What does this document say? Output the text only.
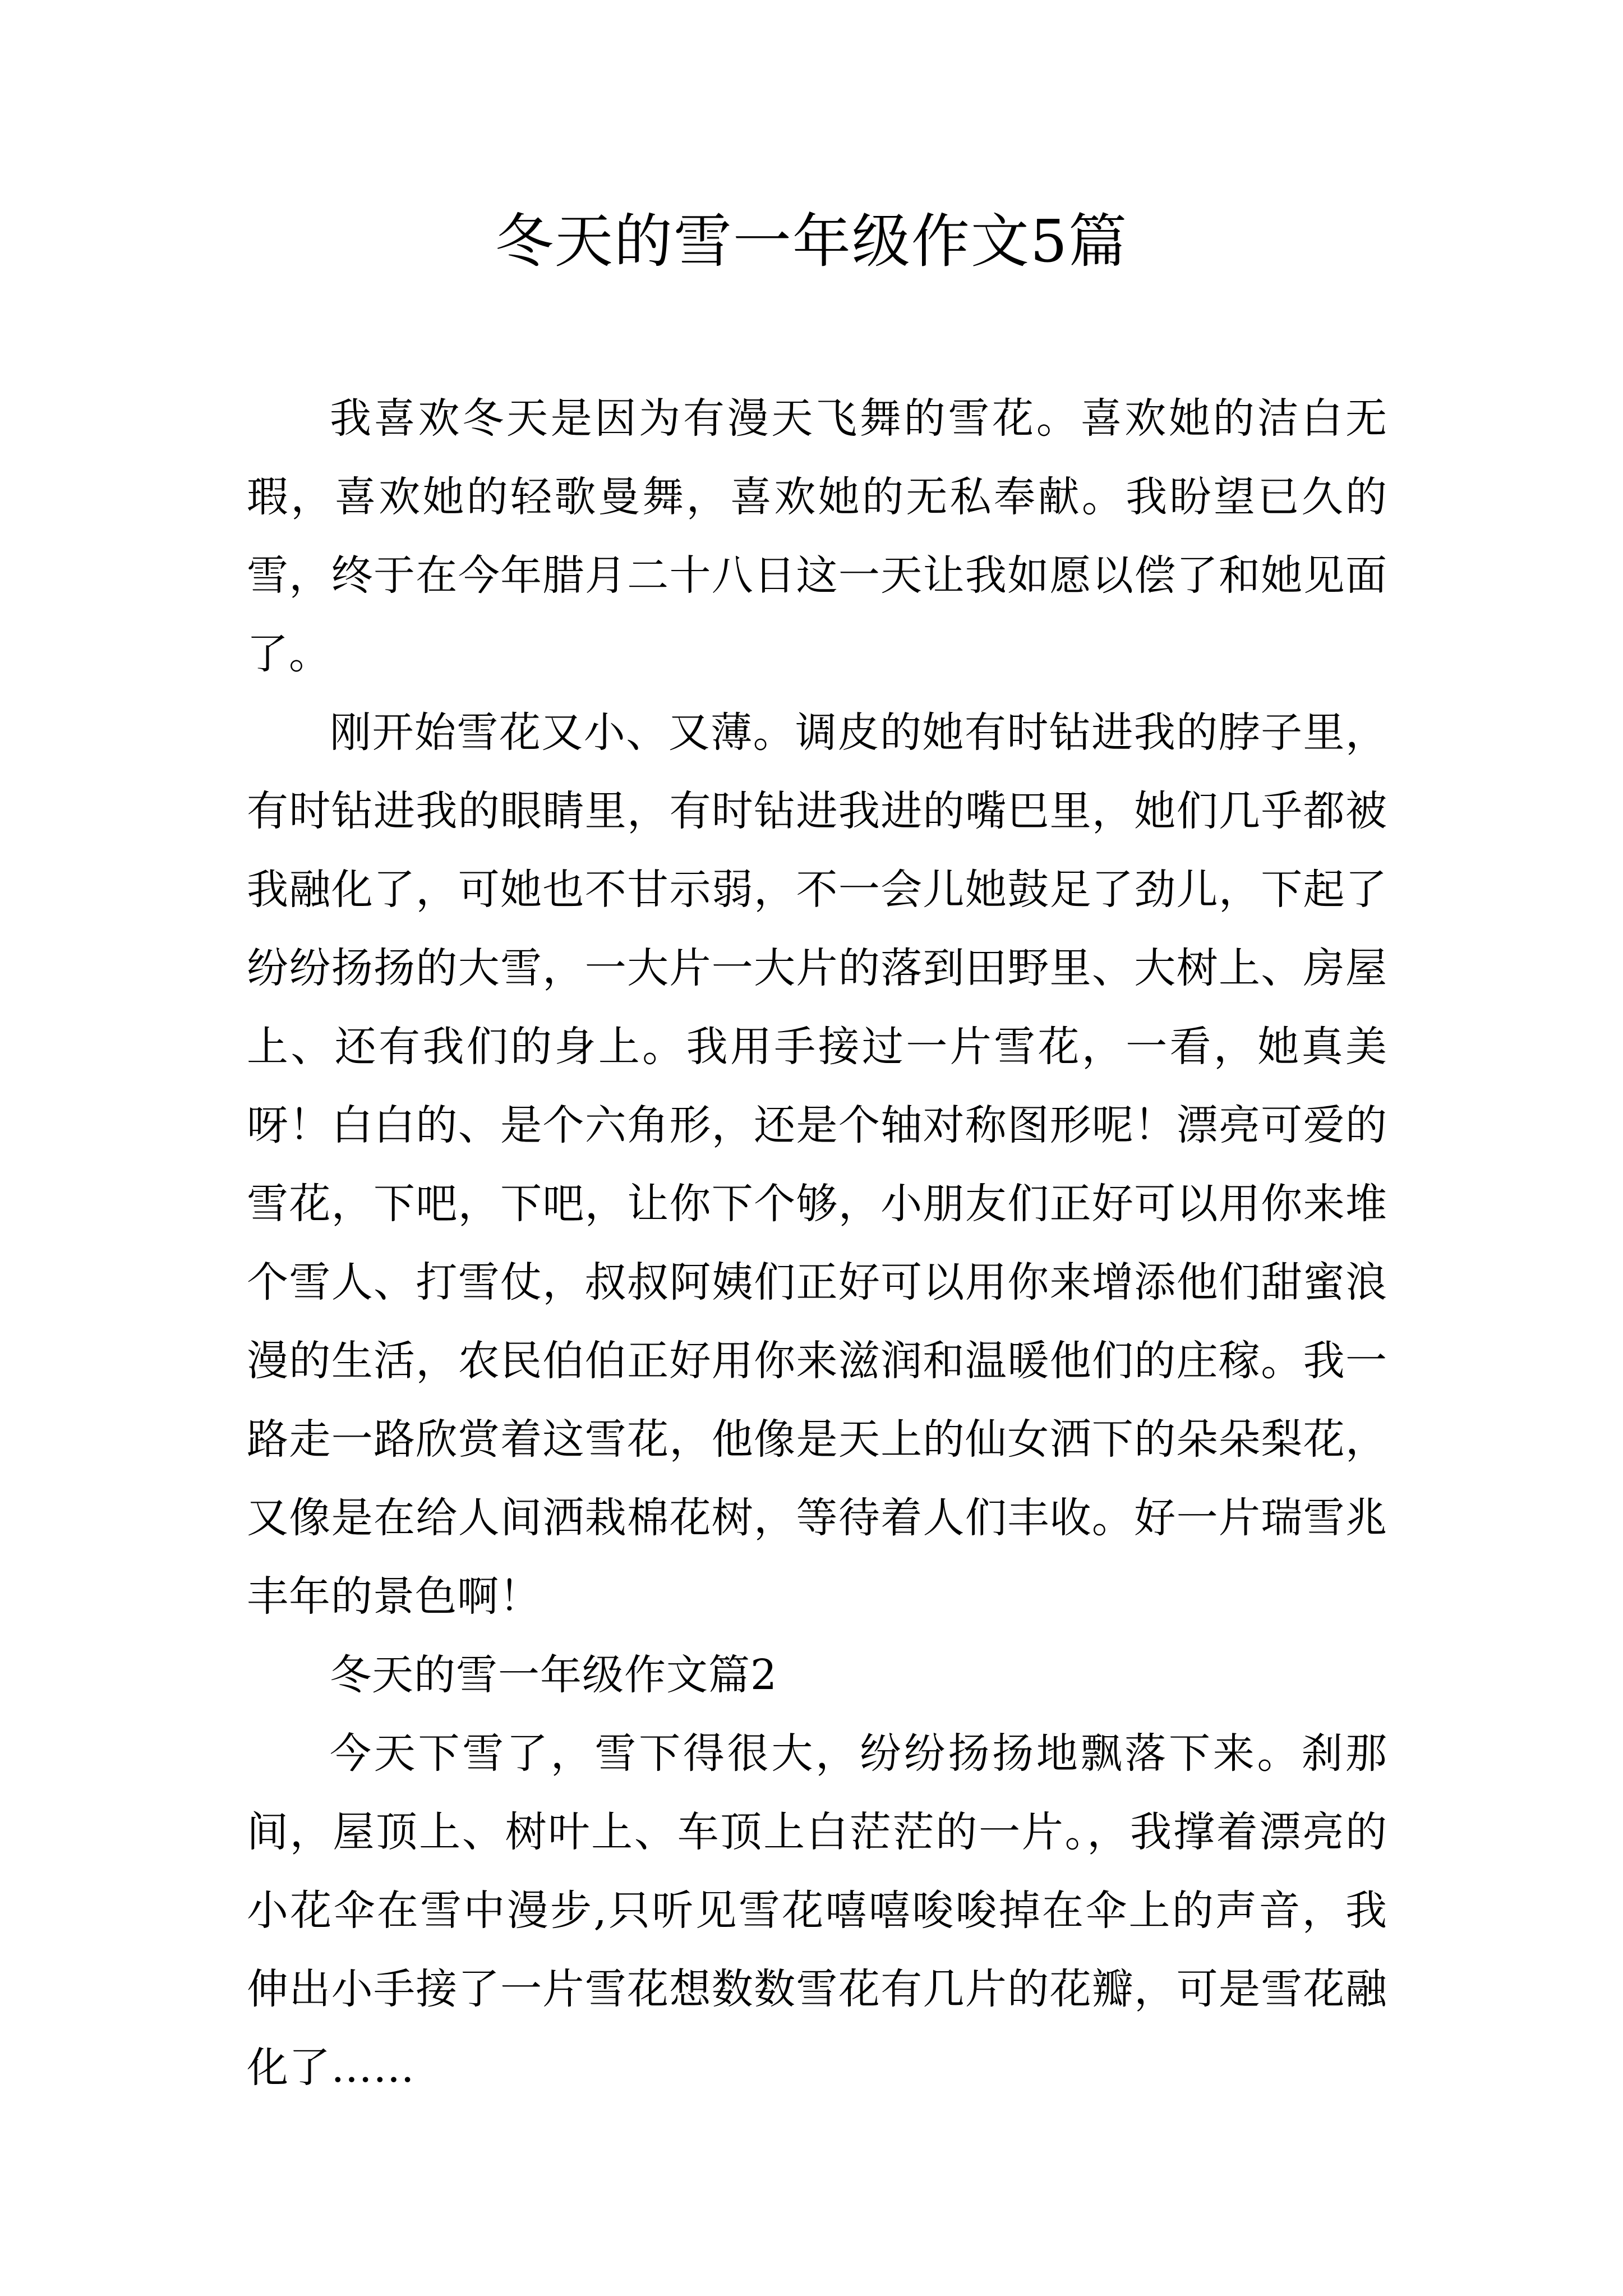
冬天的雪一年级作文5篇

我喜欢冬天是因为有漫天飞舞的雪花。喜欢她的洁白无瑕，喜欢她的轻歌曼舞，喜欢她的无私奉献。我盼望已久的雪，终于在今年腊月二十八日这一天让我如愿以偿了和她见面了。

刚开始雪花又小、又薄。调皮的她有时钻进我的脖子里，有时钻进我的眼睛里，有时钻进我进的嘴巴里，她们几乎都被我融化了，可她也不甘示弱，不一会儿她鼓足了劲儿，下起了纷纷扬扬的大雪，一大片一大片的落到田野里、大树上、房屋上、还有我们的身上。我用手接过一片雪花，一看，她真美呀！白白的、是个六角形，还是个轴对称图形呢！漂亮可爱的雪花，下吧，下吧，让你下个够，小朋友们正好可以用你来堆个雪人、打雪仗，叔叔阿姨们正好可以用你来增添他们甜蜜浪漫的生活，农民伯伯正好用你来滋润和温暖他们的庄稼。我一路走一路欣赏着这雪花，他像是天上的仙女洒下的朵朵梨花，又像是在给人间洒栽棉花树，等待着人们丰收。好一片瑞雪兆丰年的景色啊！

冬天的雪一年级作文篇2

今天下雪了，雪下得很大，纷纷扬扬地飘落下来。刹那间，屋顶上、树叶上、车顶上白茫茫的一片。，我撑着漂亮的小花伞在雪中漫步,只听见雪花嘻嘻唆唆掉在伞上的声音，我伸出小手接了一片雪花想数数雪花有几片的花瓣，可是雪花融化了……
